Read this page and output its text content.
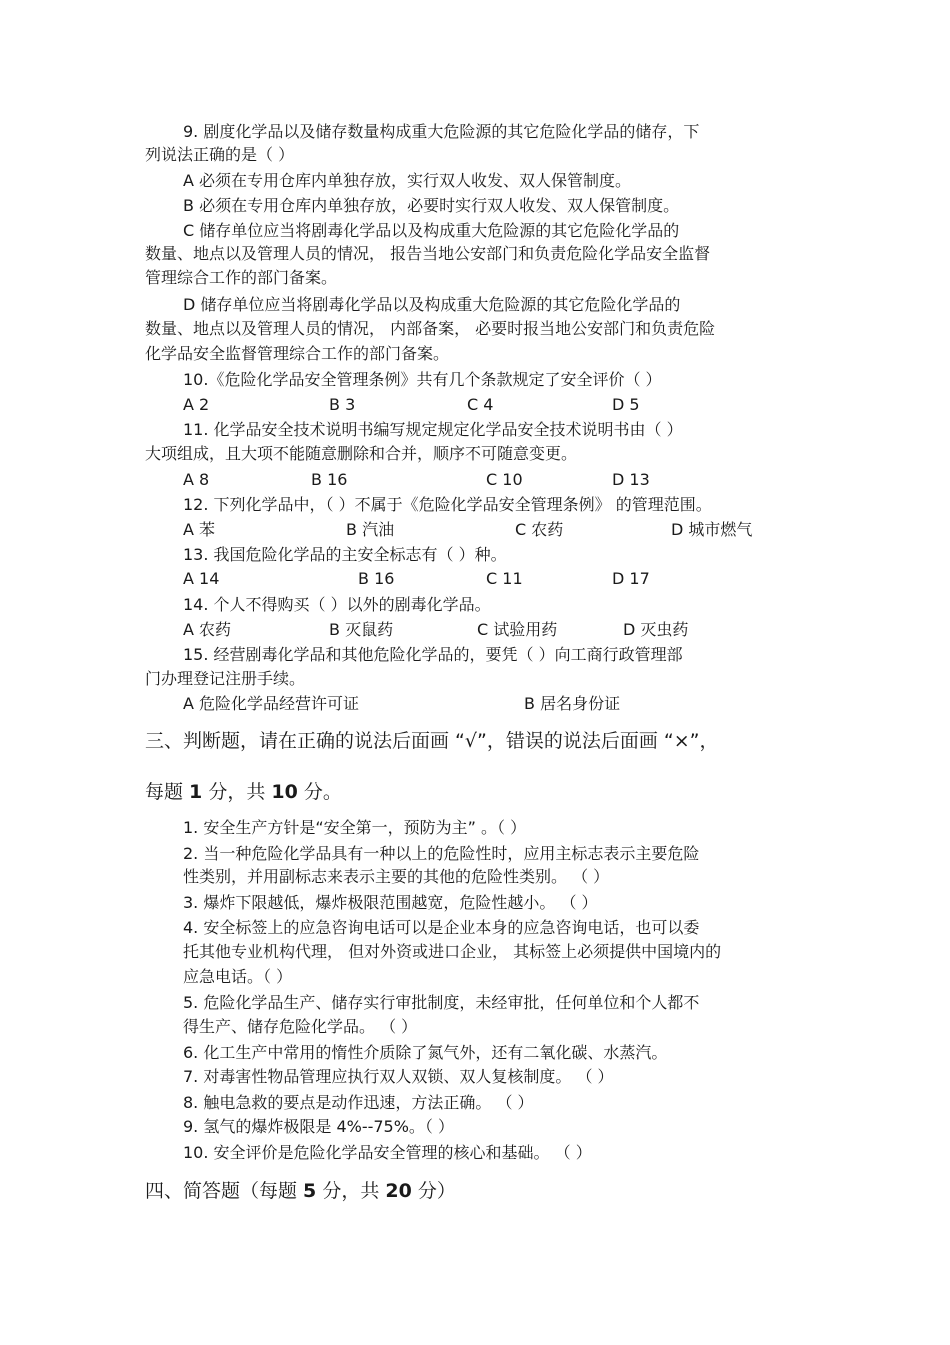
9. 剧度化学品以及储存数量构成重大危险源的其它危险化学品的储存，下
列说法正确的是（ ）
A 必须在专用仓库内单独存放，实行双人收发、双人保管制度。
B 必须在专用仓库内单独存放，必要时实行双人收发、双人保管制度。
C 储存单位应当将剧毒化学品以及构成重大危险源的其它危险化学品的
数量、地点以及管理人员的情况， 报告当地公安部门和负责危险化学品安全监督
管理综合工作的部门备案。
D 储存单位应当将剧毒化学品以及构成重大危险源的其它危险化学品的
数量、地点以及管理人员的情况， 内部备案， 必要时报当地公安部门和负责危险
化学品安全监督管理综合工作的部门备案。
10.《危险化学品安全管理条例》共有几个条款规定了安全评价（ ）
A 2	B 3	C 4	D 5
11. 化学品安全技术说明书编写规定规定化学品安全技术说明书由（ ）
大项组成，且大项不能随意删除和合并，顺序不可随意变更。
A 8	B 16	C 10	D 13
12. 下列化学品中，（ ）不属于《危险化学品安全管理条例》 的管理范围。
A 苯	B 汽油	C 农药	D 城市燃气
13. 我国危险化学品的主安全标志有（ ）种。
A 14	B 16	C 11	D 17
14. 个人不得购买（ ）以外的剧毒化学品。
A 农药	B 灭鼠药	C 试验用药	D 灭虫药
15. 经营剧毒化学品和其他危险化学品的，要凭（ ）向工商行政管理部
门办理登记注册手续。
A 危险化学品经营许可证	B 居名身份证
三、判断题，请在正确的说法后面画 “√”，错误的说法后面画 “×”，
每题 1 分，共 10 分。
1. 安全生产方针是“安全第一，预防为主” 。（ ）
2. 当一种危险化学品具有一种以上的危险性时，应用主标志表示主要危险
性类别，并用副标志来表示主要的其他的危险性类别。 （ ）
3. 爆炸下限越低，爆炸极限范围越宽，危险性越小。 （ ）
4. 安全标签上的应急咨询电话可以是企业本身的应急咨询电话，也可以委
托其他专业机构代理， 但对外资或进口企业， 其标签上必须提供中国境内的
应急电话。（ ）
5. 危险化学品生产、储存实行审批制度，未经审批，任何单位和个人都不
得生产、储存危险化学品。 （ ）
6. 化工生产中常用的惰性介质除了氮气外，还有二氧化碳、水蒸汽。
7. 对毒害性物品管理应执行双人双锁、双人复核制度。 （ ）
8. 触电急救的要点是动作迅速，方法正确。 （ ）
9. 氢气的爆炸极限是 4%--75%。（ ）
10. 安全评价是危险化学品安全管理的核心和基础。 （ ）
四、简答题（每题 5 分，共 20 分）
